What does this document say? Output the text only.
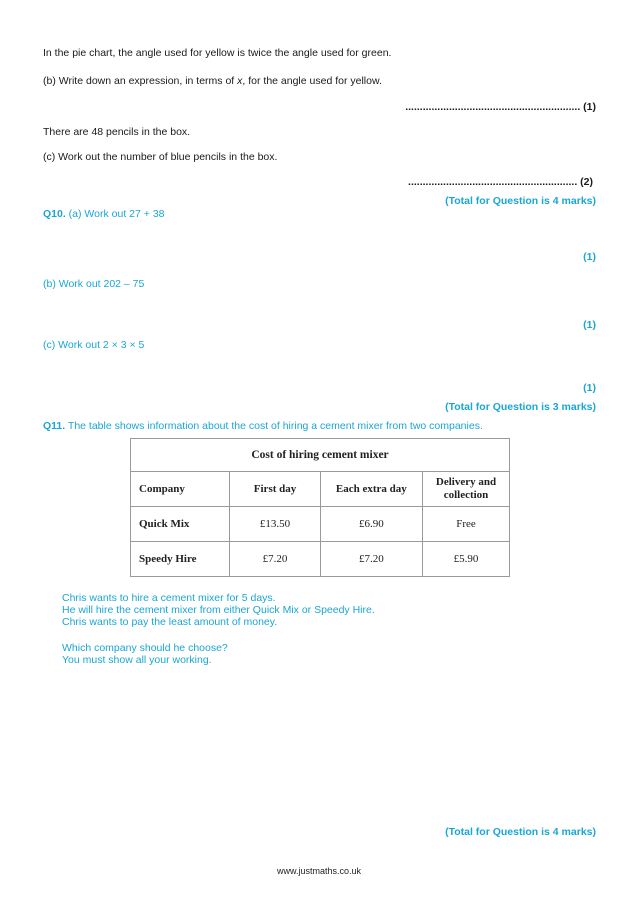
In the pie chart, the angle used for yellow is twice the angle used for green.
(b) Write down an expression, in terms of x, for the angle used for yellow.
............................................................ (1)
There are 48 pencils in the box.
(c) Work out the number of blue pencils in the box.
.......................................................... (2)
(Total for Question is 4 marks)
Q10. (a) Work out 27 + 38
(1)
(b) Work out 202 – 75
(1)
(c) Work out 2 × 3 × 5
(1)
(Total for Question is 3 marks)
Q11. The table shows information about the cost of hiring a cement mixer from two companies.
Cost of hiring cement mixer			
Company	First day	Each extra day	Delivery and collection
Quick Mix	£13.50	£6.90	Free
Speedy Hire	£7.20	£7.20	£5.90
Chris wants to hire a cement mixer for 5 days.
He will hire the cement mixer from either Quick Mix or Speedy Hire.
Chris wants to pay the least amount of money.
Which company should he choose?
You must show all your working.
(Total for Question is 4 marks)
www.justmaths.co.uk
